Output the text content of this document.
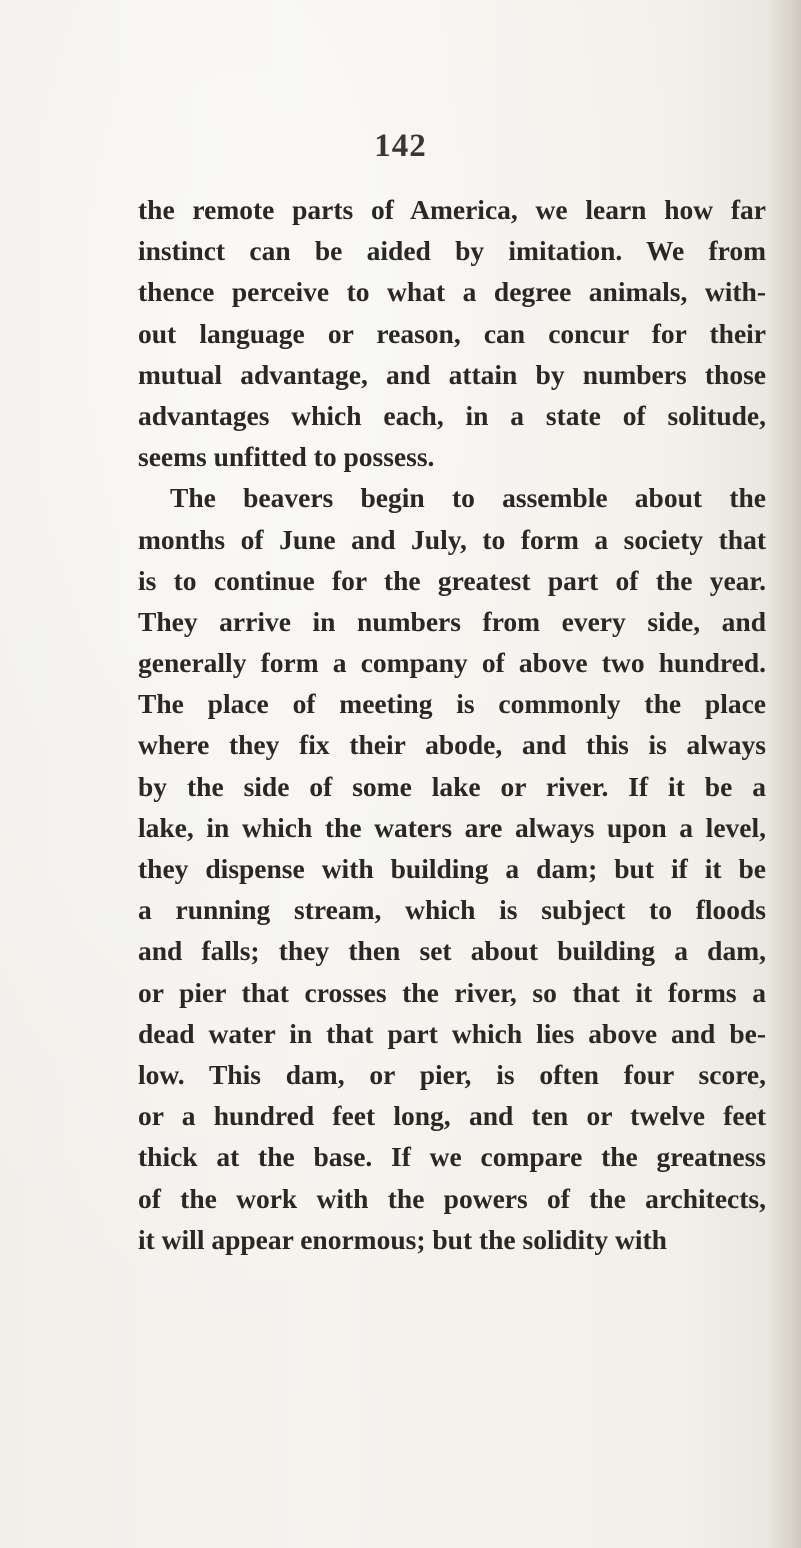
142
the remote parts of America, we learn how far
instinct can be aided by imitation. We from
thence perceive to what a degree animals, with-
out language or reason, can concur for their
mutual advantage, and attain by numbers those
advantages which each, in a state of solitude,
seems unfitted to possess.
The beavers begin to assemble about the
months of June and July, to form a society that
is to continue for the greatest part of the year.
They arrive in numbers from every side, and
generally form a company of above two hundred.
The place of meeting is commonly the place
where they fix their abode, and this is always
by the side of some lake or river. If it be a
lake, in which the waters are always upon a level,
they dispense with building a dam; but if it be
a running stream, which is subject to floods
and falls; they then set about building a dam,
or pier that crosses the river, so that it forms a
dead water in that part which lies above and be-
low. This dam, or pier, is often four score,
or a hundred feet long, and ten or twelve feet
thick at the base. If we compare the greatness
of the work with the powers of the architects,
it will appear enormous; but the solidity with
